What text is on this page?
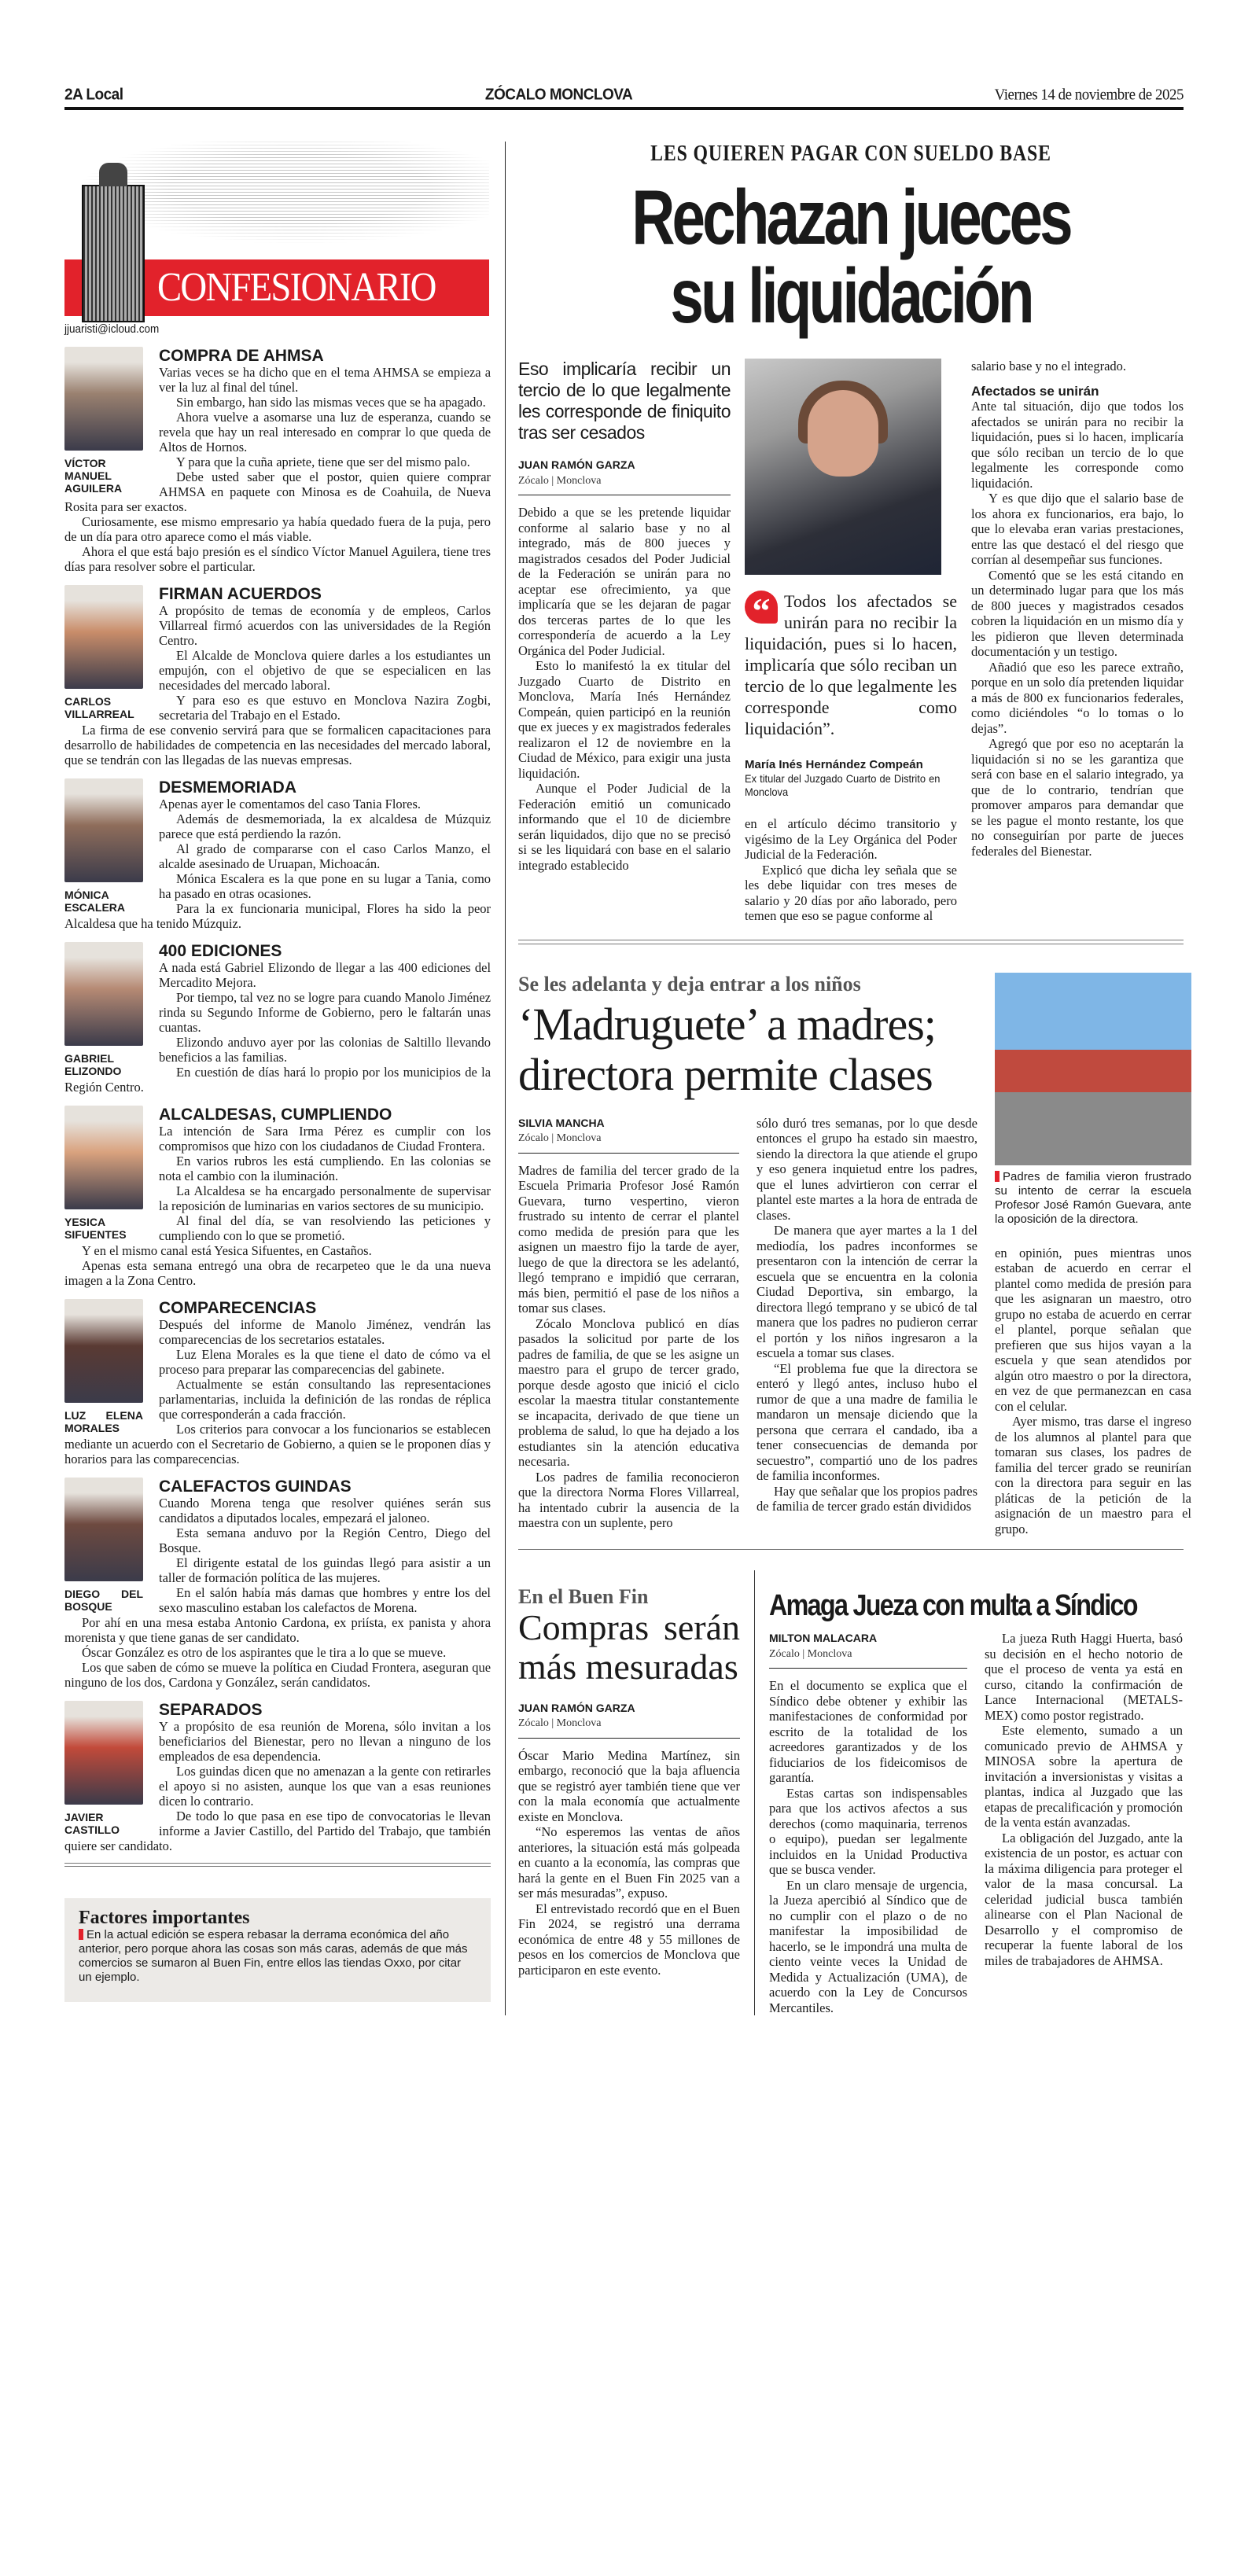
2A Local	ZÓCALO MONCLOVA	Viernes 14 de noviembre de 2025
CONFESIONARIO
jjuaristi@icloud.com
VÍCTOR MANUEL AGUILERA
COMPRA DE AHMSA

Varias veces se ha dicho que en el tema AHMSA se empieza a ver la luz al final del túnel.

Sin embargo, han sido las mismas veces que se ha apagado.

Ahora vuelve a asomarse una luz de esperanza, cuando se revela que hay un real interesado en comprar lo que queda de Altos de Hornos.

Y para que la cuña apriete, tiene que ser del mismo palo.

Debe usted saber que el postor, quien quiere comprar AHMSA en paquete con Minosa es de Coahuila, de Nueva Rosita para ser exactos.

Curiosamente, ese mismo empresario ya había quedado fuera de la puja, pero de un día para otro aparece como el más viable.

Ahora el que está bajo presión es el síndico Víctor Manuel Aguilera, tiene tres días para resolver sobre el particular.

CARLOS VILLARREAL
FIRMAN ACUERDOS

A propósito de temas de economía y de empleos, Carlos Villarreal firmó acuerdos con las universidades de la Región Centro.

El Alcalde de Monclova quiere darles a los estudiantes un empujón, con el objetivo de que se especialicen en las necesidades del mercado laboral.

Y para eso es que estuvo en Monclova Nazira Zogbi, secretaria del Trabajo en el Estado.

La firma de ese convenio servirá para que se formalicen capacitaciones para desarrollo de habilidades de competencia en las necesidades del mercado laboral, que se tendrán con las llegadas de las nuevas empresas.

MÓNICA ESCALERA
DESMEMORIADA

Apenas ayer le comentamos del caso Tania Flores.

Además de desmemoriada, la ex alcaldesa de Múzquiz parece que está perdiendo la razón.

Al grado de compararse con el caso Carlos Manzo, el alcalde asesinado de Uruapan, Michoacán.

Mónica Escalera es la que pone en su lugar a Tania, como ha pasado en otras ocasiones.

Para la ex funcionaria municipal, Flores ha sido la peor Alcaldesa que ha tenido Múzquiz.

GABRIEL ELIZONDO
400 EDICIONES

A nada está Gabriel Elizondo de llegar a las 400 ediciones del Mercadito Mejora.

Por tiempo, tal vez no se logre para cuando Manolo Jiménez rinda su Segundo Informe de Gobierno, pero le faltarán unas cuantas.

Elizondo anduvo ayer por las colonias de Saltillo llevando beneficios a las familias.

En cuestión de días hará lo propio por los municipios de la Región Centro.

YESICA SIFUENTES
ALCALDESAS, CUMPLIENDO

La intención de Sara Irma Pérez es cumplir con los compromisos que hizo con los ciudadanos de Ciudad Frontera.

En varios rubros les está cumpliendo. En las colonias se nota el cambio con la iluminación.

La Alcaldesa se ha encargado personalmente de supervisar la reposición de luminarias en varios sectores de su municipio.

Al final del día, se van resolviendo las peticiones y cumpliendo con lo que se prometió.

Y en el mismo canal está Yesica Sifuentes, en Castaños.

Apenas esta semana entregó una obra de recarpeteo que le da una nueva imagen a la Zona Centro.

LUZ ELENA MORALES
COMPARECENCIAS

Después del informe de Manolo Jiménez, vendrán las comparecencias de los secretarios estatales.

Luz Elena Morales es la que tiene el dato de cómo va el proceso para preparar las comparecencias del gabinete.

Actualmente se están consultando las representaciones parlamentarias, incluida la definición de las rondas de réplica que corresponderán a cada fracción.

Los criterios para convocar a los funcionarios se establecen mediante un acuerdo con el Secretario de Gobierno, a quien se le proponen días y horarios para las comparecencias.

DIEGO DEL BOSQUE
CALEFACTOS GUINDAS

Cuando Morena tenga que resolver quiénes serán sus candidatos a diputados locales, empezará el jaloneo.

Esta semana anduvo por la Región Centro, Diego del Bosque.

El dirigente estatal de los guindas llegó para asistir a un taller de formación política de las mujeres.

En el salón había más damas que hombres y entre los del sexo masculino estaban los calefactos de Morena.

Por ahí en una mesa estaba Antonio Cardona, ex priísta, ex panista y ahora morenista y que tiene ganas de ser candidato.

Óscar González es otro de los aspirantes que le tira a lo que se mueve.

Los que saben de cómo se mueve la política en Ciudad Frontera, aseguran que ninguno de los dos, Cardona y González, serán candidatos.

JAVIER CASTILLO
SEPARADOS

Y a propósito de esa reunión de Morena, sólo invitan a los beneficiarios del Bienestar, pero no llevan a ninguno de los empleados de esa dependencia.

Los guindas dicen que no amenazan a la gente con retirarles el apoyo si no asisten, aunque los que van a esas reuniones dicen lo contrario.

De todo lo que pasa en ese tipo de convocatorias le llevan informe a Javier Castillo, del Partido del Trabajo, que también quiere ser candidato.

Factores importantes

En la actual edición se espera rebasar la derrama económica del año anterior, pero porque ahora las cosas son más caras, además de que más comercios se sumaron al Buen Fin, entre ellos las tiendas Oxxo, por citar un ejemplo.

LES QUIEREN PAGAR CON SUELDO BASE
Rechazan jueces
su liquidación
Eso implicaría recibir un tercio de lo que legalmente les corresponde de finiquito tras ser cesados
JUAN RAMÓN GARZA
Zócalo | Monclova

Debido a que se les pretende liquidar conforme al salario base y no al integrado, más de 800 jueces y magistrados cesados del Poder Judicial de la Federación se unirán para no aceptar ese ofrecimiento, ya que implicaría que se les dejaran de pagar dos terceras partes de lo que les correspondería de acuerdo a la Ley Orgánica del Poder Judicial.

Esto lo manifestó la ex titular del Juzgado Cuarto de Distrito en Monclova, María Inés Hernández Compeán, quien participó en la reunión que ex jueces y ex magistrados federales realizaron el 12 de noviembre en la Ciudad de México, para exigir una justa liquidación.

Aunque el Poder Judicial de la Federación emitió un comunicado informando que el 10 de diciembre serán liquidados, dijo que no se precisó si se les liquidará con base en el salario integrado establecido

“ Todos los afectados se unirán para no recibir la liquidación, pues si lo hacen, implicaría que sólo reciban un tercio de lo que legalmente les corresponde como liquidación”.
María Inés Hernández Compeán
Ex titular del Juzgado Cuarto de Distrito en Monclova

en el artículo décimo transitorio y vigésimo de la Ley Orgánica del Poder Judicial de la Federación.

Explicó que dicha ley señala que se les debe liquidar con tres meses de salario y 20 días por año laborado, pero temen que eso se pague conforme al

salario base y no el integrado.

Afectados se unirán

Ante tal situación, dijo que todos los afectados se unirán para no recibir la liquidación, pues si lo hacen, implicaría que sólo reciban un tercio de lo que legalmente les corresponde como liquidación.

Y es que dijo que el salario base de los ahora ex funcionarios, era bajo, lo que lo elevaba eran varias prestaciones, entre las que destacó el del riesgo que corrían al desempeñar sus funciones.

Comentó que se les está citando en un determinado lugar para que los más de 800 jueces y magistrados cesados cobren la liquidación en un mismo día y les pidieron que lleven determinada documentación y un testigo.

Añadió que eso les parece extraño, porque en un solo día pretenden liquidar a más de 800 ex funcionarios federales, como diciéndoles “o lo tomas o lo dejas”.

Agregó que por eso no aceptarán la liquidación si no se les garantiza que será con base en el salario integrado, ya que de lo contrario, tendrían que promover amparos para demandar que se les pague el monto restante, los que no conseguirían por parte de jueces federales del Bienestar.

Se les adelanta y deja entrar a los niños
‘Madruguete’ a madres; directora permite clases
SILVIA MANCHA
Zócalo | Monclova

Madres de familia del tercer grado de la Escuela Primaria Profesor José Ramón Guevara, turno vespertino, vieron frustrado su intento de cerrar el plantel como medida de presión para que les asignen un maestro fijo la tarde de ayer, luego de que la directora se les adelantó, llegó temprano e impidió que cerraran, más bien, permitió el pase de los niños a tomar sus clases.

Zócalo Monclova publicó en días pasados la solicitud por parte de los padres de familia, de que se les asigne un maestro para el grupo de tercer grado, porque desde agosto que inició el ciclo escolar la maestra titular constantemente se incapacita, derivado de que tiene un problema de salud, lo que ha dejado a los estudiantes sin la atención educativa necesaria.

Los padres de familia reconocieron que la directora Norma Flores Villarreal, ha intentado cubrir la ausencia de la maestra con un suplente, pero

sólo duró tres semanas, por lo que desde entonces el grupo ha estado sin maestro, siendo la directora la que atiende el grupo y eso genera inquietud entre los padres, que el lunes advirtieron con cerrar el plantel este martes a la hora de entrada de clases.

De manera que ayer martes a la 1 del mediodía, los padres inconformes se presentaron con la intención de cerrar la escuela que se encuentra en la colonia Ciudad Deportiva, sin embargo, la directora llegó temprano y se ubicó de tal manera que los padres no pudieron cerrar el portón y los niños ingresaron a la escuela a tomar sus clases.

“El problema fue que la directora se enteró y llegó antes, incluso hubo el rumor de que a una madre de familia le mandaron un mensaje diciendo que la persona que cerrara el candado, iba a tener consecuencias de demanda por secuestro”, compartió uno de los padres de familia inconformes.

Hay que señalar que los propios padres de familia de tercer grado están divididos

Padres de familia vieron frustrado su intento de cerrar la escuela Profesor José Ramón Guevara, ante la oposición de la directora.

en opinión, pues mientras unos estaban de acuerdo en cerrar el plantel como medida de presión para que les asignaran un maestro, otro grupo no estaba de acuerdo en cerrar el plantel, porque señalan que prefieren que sus hijos vayan a la escuela y que sean atendidos por algún otro maestro o por la directora, en vez de que permanezcan en casa con el celular.

Ayer mismo, tras darse el ingreso de los alumnos al plantel para que tomaran sus clases, los padres de familia del tercer grado se reunirían con la directora para seguir en las pláticas de la petición de la asignación de un maestro para el grupo.

En el Buen Fin
Compras serán más mesuradas
JUAN RAMÓN GARZA
Zócalo | Monclova

Óscar Mario Medina Martínez, sin embargo, reconoció que la baja afluencia que se registró ayer también tiene que ver con la mala economía que actualmente existe en Monclova.

“No esperemos las ventas de años anteriores, la situación está más golpeada en cuanto a la economía, las compras que hará la gente en el Buen Fin 2025 van a ser más mesuradas”, expuso.

El entrevistado recordó que en el Buen Fin 2024, se registró una derrama económica de entre 48 y 55 millones de pesos en los comercios de Monclova que participaron en este evento.

Amaga Jueza con multa a Síndico
MILTON MALACARA
Zócalo | Monclova

En el documento se explica que el Síndico debe obtener y exhibir las manifestaciones de conformidad por escrito de la totalidad de los acreedores garantizados y de los fiduciarios de los fideicomisos de garantía.

Estas cartas son indispensables para que los activos afectos a sus derechos (como maquinaria, terrenos o equipo), puedan ser legalmente incluidos en la Unidad Productiva que se busca vender.

En un claro mensaje de urgencia, la Jueza apercibió al Síndico que de no cumplir con el plazo o de no manifestar la imposibilidad de hacerlo, se le impondrá una multa de ciento veinte veces la Unidad de Medida y Actualización (UMA), de acuerdo con la Ley de Concursos Mercantiles.

La jueza Ruth Haggi Huerta, basó su decisión en el hecho notorio de que el proceso de venta ya está en curso, citando la confirmación de Lance Internacional (METALS-MEX) como postor registrado.

Este elemento, sumado a un comunicado previo de AHMSA y MINOSA sobre la apertura de invitación a inversionistas y visitas a plantas, indica al Juzgado que las etapas de precalificación y promoción de la venta están avanzadas.

La obligación del Juzgado, ante la existencia de un postor, es actuar con la máxima diligencia para proteger el valor de la masa concursal. La celeridad judicial busca también alinearse con el Plan Nacional de Desarrollo y el compromiso de recuperar la fuente laboral de los miles de trabajadores de AHMSA.
